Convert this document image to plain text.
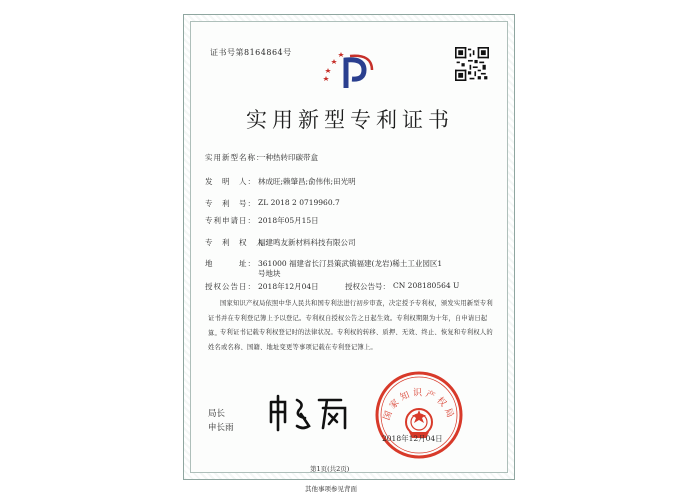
证书号第8164864号
实用新型专利证书
实用新型名称：
一种热转印碳带盒
发　明　人： 林成旺;赖肇昌;俞伟伟;田光明
专　利　号： ZL 2018 2 0719960.7
专利申请日： 2018年05月15日
专　利　权　人：
福建鸣友新材料科技有限公司
地　　　址： 361000 福建省长汀县策武镇福建(龙岩)稀土工业园区1
号地块
授权公告日： 2018年12月04日	授权公告号： CN 208180564 U
国家知识产权局依照中华人民共和国专利法进行初步审查，决定授予专利权，颁发实用新型专利证书并在专利登记簿上予以登记。专利权自授权公告之日起生效。专利权期限为十年，自申请日起算。 专利证书记载专利权登记时的法律状况。专利权的转移、质押、无效、终止、恢复和专利权人的姓名或名称、国籍、地址变更等事项记载在专利登记簿上。
局长
申长雨
国家知识产权局
2018年12月04日
第1页(共2页)
其他事项参见背面
